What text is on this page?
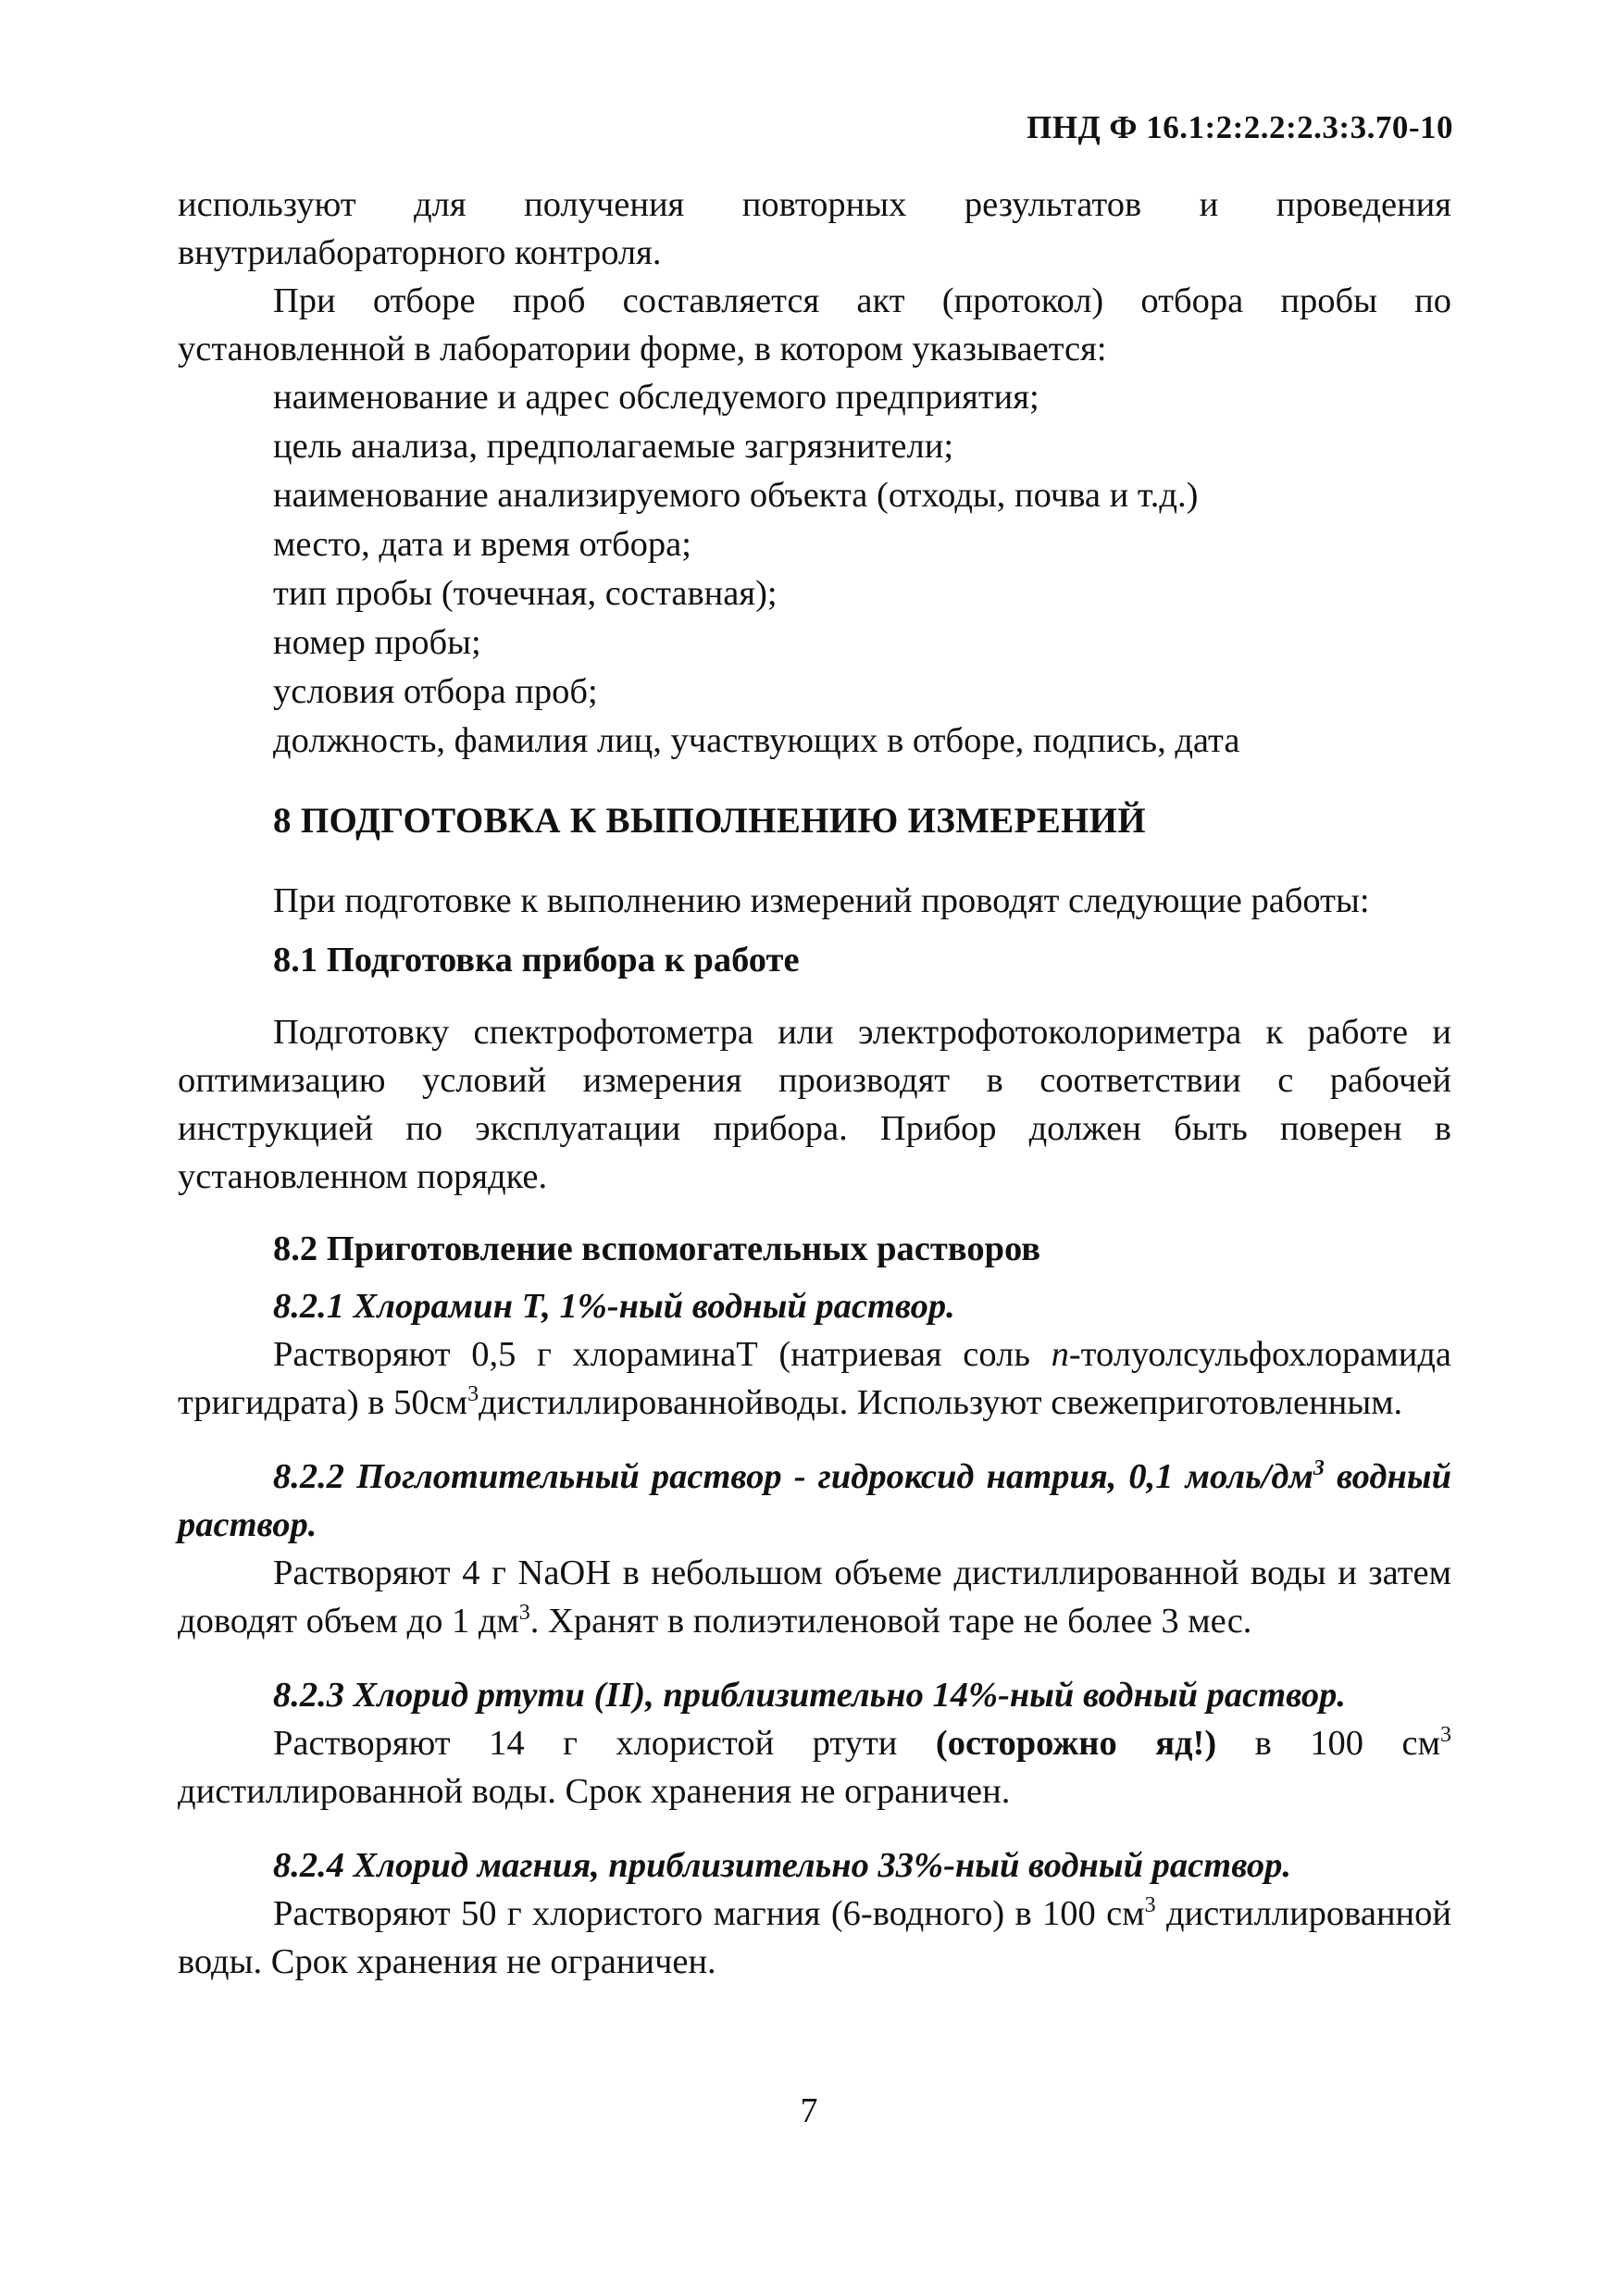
ПНД Ф 16.1:2:2.2:2.3:3.70-10

используют для получения повторных результатов и проведения внутрилабораторного контроля.

При отборе проб составляется акт (протокол) отбора пробы по установленной в лаборатории форме, в котором указывается:

наименование и адрес обследуемого предприятия;
цель анализа, предполагаемые загрязнители;
наименование анализируемого объекта (отходы, почва и т.д.)
место, дата и время отбора;
тип пробы (точечная, составная);
номер пробы;
условия отбора проб;
должность, фамилия лиц, участвующих в отборе, подпись, дата

8 ПОДГОТОВКА К ВЫПОЛНЕНИЮ ИЗМЕРЕНИЙ

При подготовке к выполнению измерений проводят следующие работы:

8.1 Подготовка прибора к работе

Подготовку спектрофотометра или электрофотоколориметра к работе и оптимизацию условий измерения производят в соответствии с рабочей инструкцией по эксплуатации прибора. Прибор должен быть поверен в установленном порядке.

8.2 Приготовление вспомогательных растворов

8.2.1 Хлорамин Т, 1%-ный водный раствор.

Растворяют 0,5 г хлораминаТ (натриевая соль n-толуолсульфохлорамида тригидрата) в $50см^3дистиллированнойводы$. Используют свежеприготовленным.

8.2.2 Поглотительный раствор - гидроксид натрия, 0,1 моль/$дм^3$ водный раствор.

Растворяют 4 г NaOH в небольшом объеме дистиллированной воды и затем доводят объем до 1 $дм^3$. Хранят в полиэтиленовой таре не более 3 мес.

8.2.3 Хлорид ртути (II), приблизительно 14%-ный водный раствор.

Растворяют 14 г хлористой ртути (осторожно яд!) в 100 $см^3$ дистиллированной воды. Срок хранения не ограничен.

8.2.4 Хлорид магния, приблизительно 33%-ный водный раствор.

Растворяют 50 г хлористого магния (6-водного) в 100 $см^3$ дистиллированной воды. Срок хранения не ограничен.

7
